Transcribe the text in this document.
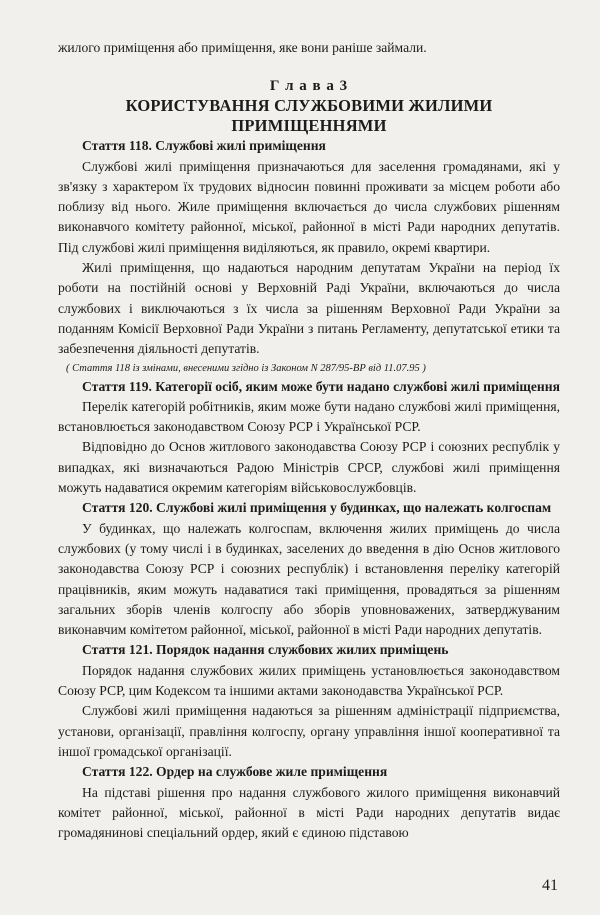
жилого приміщення або приміщення, яке вони раніше займали.

Г л а в а 3
КОРИСТУВАННЯ СЛУЖБОВИМИ ЖИЛИМИ ПРИМІЩЕННЯМИ

Стаття 118. Службові жилі приміщення

Службові жилі приміщення призначаються для заселення громадянами, які у зв'язку з характером їх трудових відносин повинні проживати за місцем роботи або поблизу від нього. Жиле приміщення включається до числа службових рішенням виконавчого комітету районної, міської, районної в місті Ради народних депутатів. Під службові жилі приміщення виділяються, як правило, окремі квартири.

Жилі приміщення, що надаються народним депутатам України на період їх роботи на постійній основі у Верховній Раді України, включаються до числа службових і виключаються з їх числа за рішенням Верховної Ради України за поданням Комісії Верховної Ради України з питань Регламенту, депутатської етики та забезпечення діяльності депутатів.

( Стаття 118 із змінами, внесеними згідно із Законом N 287/95-ВР від 11.07.95 )

Стаття 119. Категорії осіб, яким може бути надано службові жилі приміщення

Перелік категорій робітників, яким може бути надано службові жилі приміщення, встановлюється законодавством Союзу РСР і Української РСР.

Відповідно до Основ житлового законодавства Союзу РСР і союзних республік у випадках, які визначаються Радою Міністрів СРСР, службові жилі приміщення можуть надаватися окремим категоріям військовослужбовців.

Стаття 120. Службові жилі приміщення у будинках, що належать колгоспам

У будинках, що належать колгоспам, включення жилих приміщень до числа службових (у тому числі і в будинках, заселених до введення в дію Основ житлового законодавства Союзу РСР і союзних республік) і встановлення переліку категорій працівників, яким можуть надаватися такі приміщення, провадяться за рішенням загальних зборів членів колгоспу або зборів уповноважених, затверджуваним виконавчим комітетом районної, міської, районної в місті Ради народних депутатів.

Стаття 121. Порядок надання службових жилих приміщень

Порядок надання службових жилих приміщень установлюється законодавством Союзу РСР, цим Кодексом та іншими актами законодавства Української РСР.

Службові жилі приміщення надаються за рішенням адміністрації підприємства, установи, організації, правління колгоспу, органу управління іншої кооперативної та іншої громадської організації.

Стаття 122. Ордер на службове жиле приміщення

На підставі рішення про надання службового жилого приміщення виконавчий комітет районної, міської, районної в місті Ради народних депутатів видає громадянинові спеціальний ордер, який є єдиною підставою

41
